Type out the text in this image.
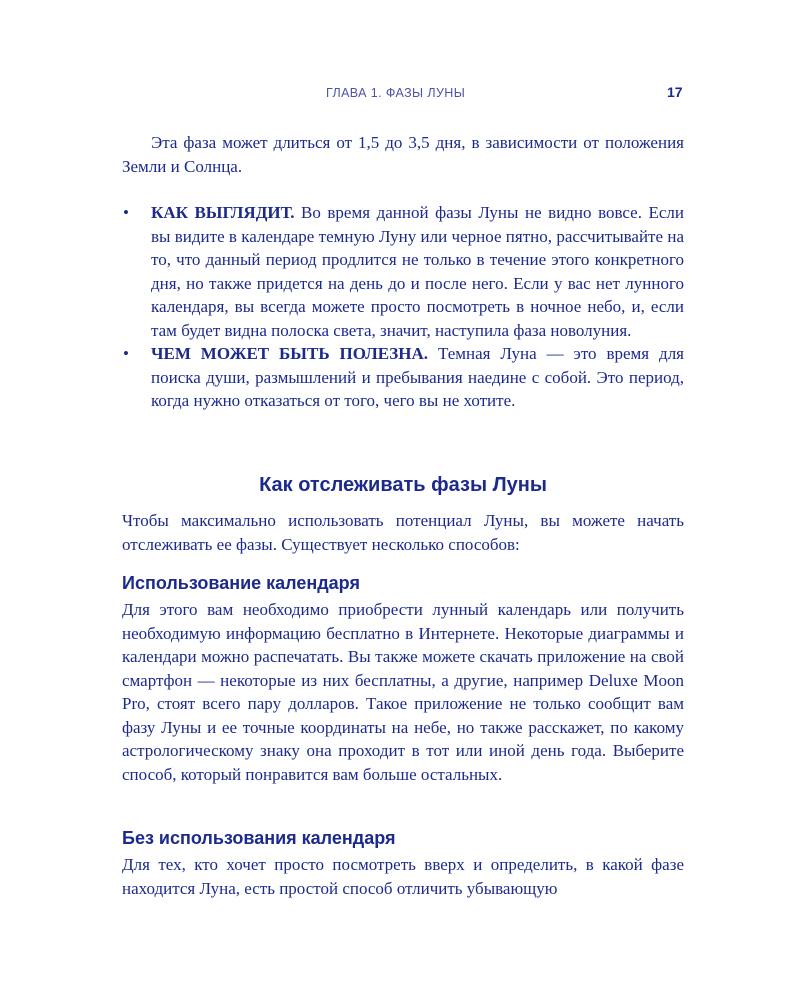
ГЛАВА 1. ФАЗЫ ЛУНЫ	17

Эта фаза может длиться от 1,5 до 3,5 дня, в зависимости от положения Земли и Солнца.

• КАК ВЫГЛЯДИТ. Во время данной фазы Луны не видно вовсе. Если вы видите в календаре темную Луну или черное пятно, рассчитывайте на то, что данный период продлится не только в течение этого конкретного дня, но также придется на день до и после него. Если у вас нет лунного календаря, вы всегда можете просто посмотреть в ночное небо, и, если там будет видна полоска света, значит, наступила фаза новолуния.
• ЧЕМ МОЖЕТ БЫТЬ ПОЛЕЗНА. Темная Луна — это время для поиска души, размышлений и пребывания наедине с собой. Это период, когда нужно отказаться от того, чего вы не хотите.
Как отслеживать фазы Луны

Чтобы максимально использовать потенциал Луны, вы можете начать отслеживать ее фазы. Существует несколько способов:

Использование календаря

Для этого вам необходимо приобрести лунный календарь или получить необходимую информацию бесплатно в Интернете. Некоторые диаграммы и календари можно распечатать. Вы также можете скачать приложение на свой смартфон — некоторые из них бесплатны, а другие, например Deluxe Moon Pro, стоят всего пару долларов. Такое приложение не только сообщит вам фазу Луны и ее точные координаты на небе, но также расскажет, по какому астрологическому знаку она проходит в тот или иной день года. Выберите способ, который понравится вам больше остальных.

Без использования календаря

Для тех, кто хочет просто посмотреть вверх и определить, в какой фазе находится Луна, есть простой способ отличить убывающую
